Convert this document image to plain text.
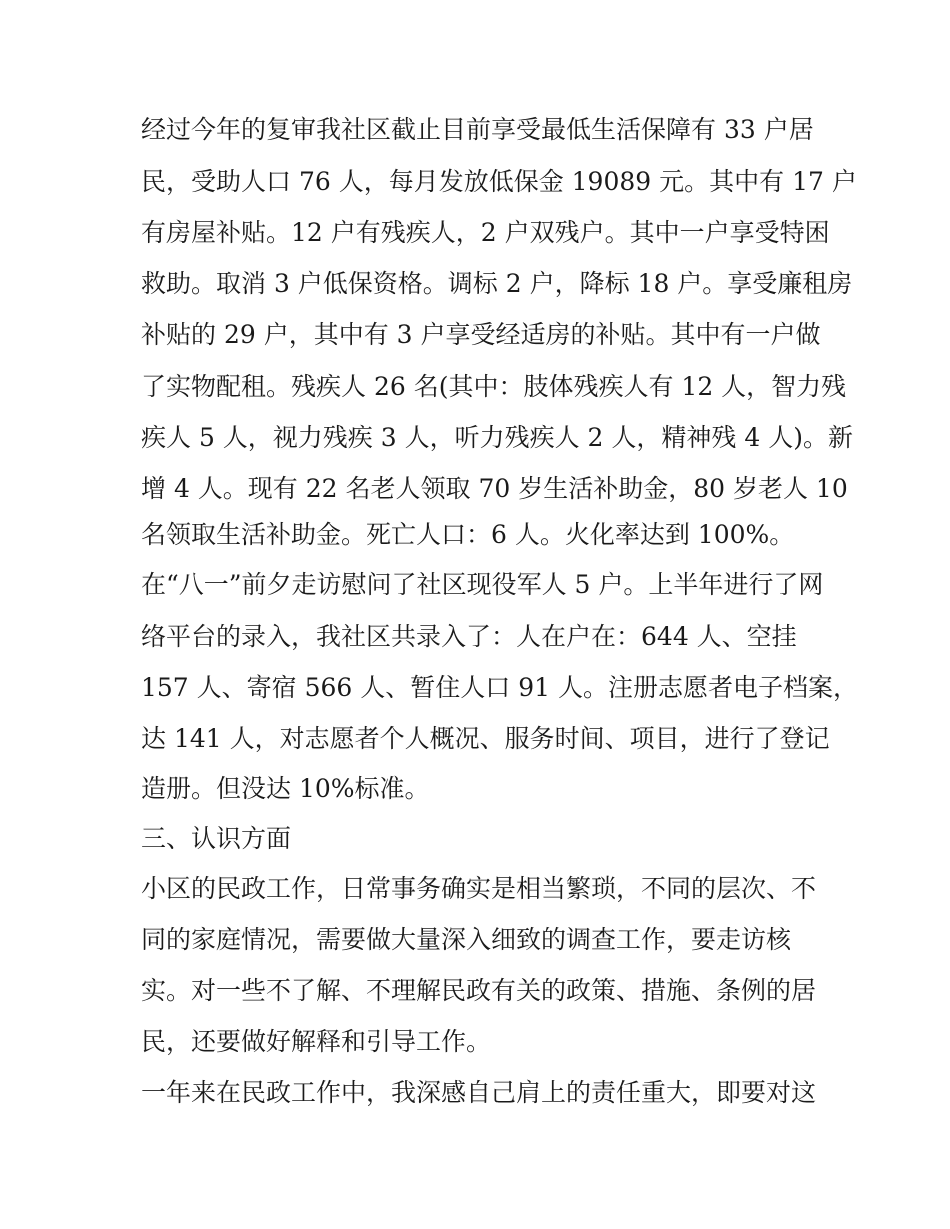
经过今年的复审我社区截止目前享受最低生活保障有 33 户居
民，受助人口 76 人，每月发放低保金 19089 元。其中有 17 户
有房屋补贴。12 户有残疾人，2 户双残户。其中一户享受特困
救助。取消 3 户低保资格。调标 2 户，降标 18 户。享受廉租房
补贴的 29 户，其中有 3 户享受经适房的补贴。其中有一户做
了实物配租。残疾人 26 名(其中：肢体残疾人有 12 人，智力残
疾人 5 人，视力残疾 3 人，听力残疾人 2 人，精神残 4 人)。新
增 4 人。现有 22 名老人领取 70 岁生活补助金，80 岁老人 10
名领取生活补助金。死亡人口：6 人。火化率达到 100%。
在“八一”前夕走访慰问了社区现役军人 5 户。上半年进行了网
络平台的录入，我社区共录入了：人在户在：644 人、空挂
157 人、寄宿 566 人、暂住人口 91 人。注册志愿者电子档案，
达 141 人，对志愿者个人概况、服务时间、项目，进行了登记
造册。但没达 10%标准。
三、认识方面
小区的民政工作，日常事务确实是相当繁琐，不同的层次、不
同的家庭情况，需要做大量深入细致的调查工作，要走访核
实。对一些不了解、不理解民政有关的政策、措施、条例的居
民，还要做好解释和引导工作。
一年来在民政工作中，我深感自己肩上的责任重大，即要对这
